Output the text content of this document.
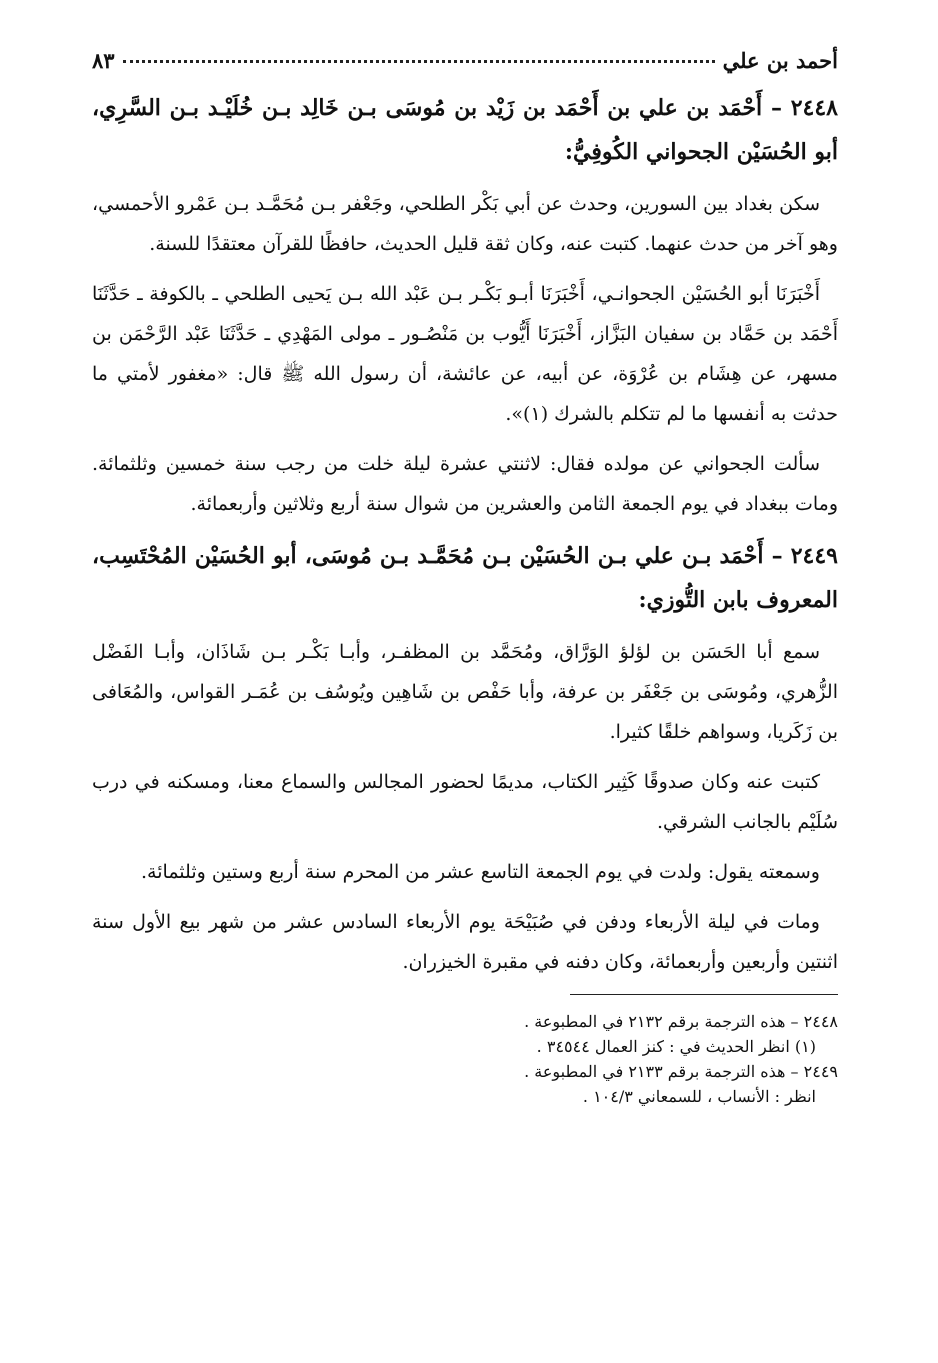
أحمد بن علي
٨٣
٢٤٤٨ – أَحْمَد بن علي بن أَحْمَد بن زَيْد بن مُوسَى بـن خَالِد بـن خُلَيْـد بـن السَّرِي، أبو الحُسَيْن الجحواني الكُوفِيُّ:

سكن بغداد بين السورين، وحدث عن أبي بَكْر الطلحي، وجَعْفر بـن مُحَمَّـد بـن عَمْرو الأحمسي، وهو آخر من حدث عنهما. كتبت عنه، وكان ثقة قليل الحديث، حافظًا للقرآن معتقدًا للسنة.

أَخْبَرَنَا أبو الحُسَيْن الجحوانـي، أَخْبَرَنَا أبـو بَكْـر بـن عَبْد الله بـن يَحيى الطلحي ـ بالكوفة ـ حَدَّثَنَا أَحْمَد بن حَمَّاد بن سفيان البَزَّاز، أَخْبَرَنَا أَيُّوب بن مَنْصُـور ـ مولى المَهْدِي ـ حَدَّثَنَا عَبْد الرَّحْمَن بن مسهر، عن هِشَام بن عُرْوَة، عن أبيه، عن عائشة، أن رسول الله ﷺ قال: «مغفور لأمتي ما حدثت به أنفسها ما لم تتكلم بالشرك (١)».

سألت الجحواني عن مولده فقال: لاثنتي عشرة ليلة خلت من رجب سنة خمسين وثلثمائة. ومات ببغداد في يوم الجمعة الثامن والعشرين من شوال سنة أربع وثلاثين وأربعمائة.

٢٤٤٩ – أَحْمَد بـن علي بـن الحُسَيْن بـن مُحَمَّـد بـن مُوسَى، أبو الحُسَيْن المُحْتَسِب، المعروف بابن التُّوزي:

سمع أبا الحَسَن بن لؤلؤ الوَرَّاق، ومُحَمَّد بن المظفـر، وأبـا بَكْـر بـن شَاذَان، وأبـا الفَضْل الزُّهري، ومُوسَى بن جَعْفَر بن عرفة، وأبا حَفْص بن شَاهِين ويُوسُف بن عُمَـر القواس، والمُعَافى بن زَكَريا، وسواهم خلقًا كثيرا.

كتبت عنه وكان صدوقًا كَثِير الكتاب، مديمًا لحضور المجالس والسماع معنا، ومسكنه في درب سُلَيْم بالجانب الشرقي.

وسمعته يقول: ولدت في يوم الجمعة التاسع عشر من المحرم سنة أربع وستين وثلثمائة.

ومات في ليلة الأربعاء ودفن في صُبَيْحَة يوم الأربعاء السادس عشر من شهر بيع الأول سنة اثنتين وأربعين وأربعمائة، وكان دفنه في مقبرة الخيزران.

٢٤٤٨ – هذه الترجمة برقم ٢١٣٢ في المطبوعة .
(١) انظر الحديث في : كنز العمال ٣٤٥٤٤ .
٢٤٤٩ – هذه الترجمة برقم ٢١٣٣ في المطبوعة .
انظر : الأنساب ، للسمعاني ١٠٤/٣ .
